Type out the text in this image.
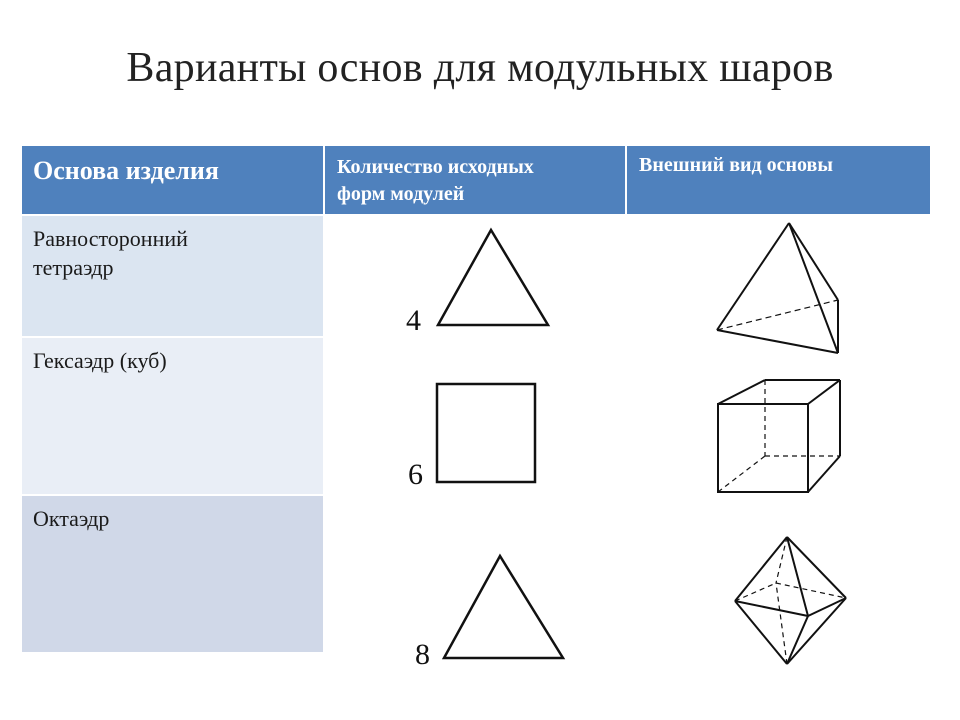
Варианты основ для модульных шаров
Основа изделия	Количество исходных
форм модулей
Внешний вид основы
Равносторонний
тетраэдр
Гексаэдр (куб)
Октаэдр
4
6
8
